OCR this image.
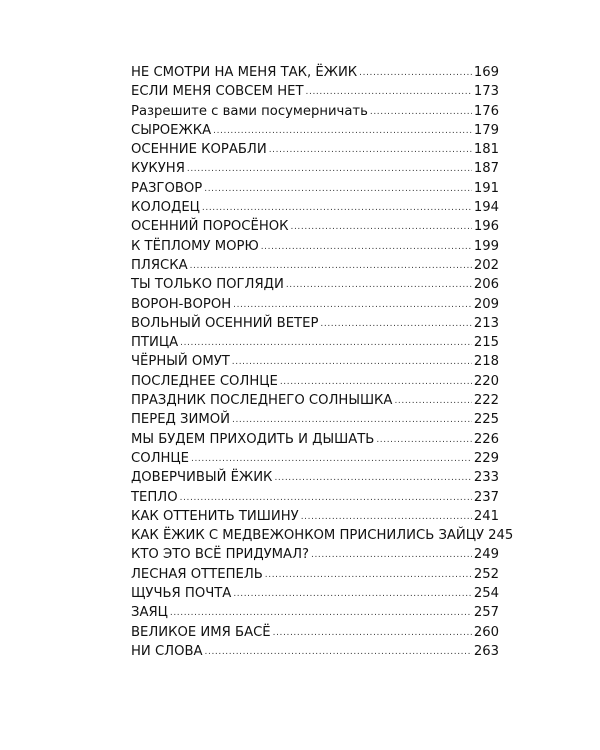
НЕ СМОТРИ НА МЕНЯ ТАК, ЁЖИК .....	169
ЕСЛИ МЕНЯ СОВСЕМ НЕТ .....	173
Разрешите с вами посумерничать .....	176
СЫРОЕЖКА .....	179
ОСЕННИЕ КОРАБЛИ .....	181
КУКУНЯ .....	187
РАЗГОВОР .....	191
КОЛОДЕЦ .....	194
ОСЕННИЙ ПОРОСЁНОК .....	196
К ТЁПЛОМУ МОРЮ .....	199
ПЛЯСКА .....	202
ТЫ ТОЛЬКО ПОГЛЯДИ .....	206
ВОРОН-ВОРОН .....	209
ВОЛЬНЫЙ ОСЕННИЙ ВЕТЕР .....	213
ПТИЦА .....	215
ЧЁРНЫЙ ОМУТ .....	218
ПОСЛЕДНЕЕ СОЛНЦЕ .....	220
ПРАЗДНИК ПОСЛЕДНЕГО СОЛНЫШКА .....	222
ПЕРЕД ЗИМОЙ .....	225
МЫ БУДЕМ ПРИХОДИТЬ И ДЫШАТЬ .....	226
СОЛНЦЕ .....	229
ДОВЕРЧИВЫЙ ЁЖИК .....	233
ТЕПЛО .....	237
КАК ОТТЕНИТЬ ТИШИНУ .....	241
КАК ЁЖИК С МЕДВЕЖОНКОМ ПРИСНИЛИСЬ ЗАЙЦУ 245
КТО ЭТО ВСЁ ПРИДУМАЛ? .....	249
ЛЕСНАЯ ОТТЕПЕЛЬ .....	252
ЩУЧЬЯ ПОЧТА .....	254
ЗАЯЦ .....	257
ВЕЛИКОЕ ИМЯ БАСЁ .....	260
НИ СЛОВА .....	263
